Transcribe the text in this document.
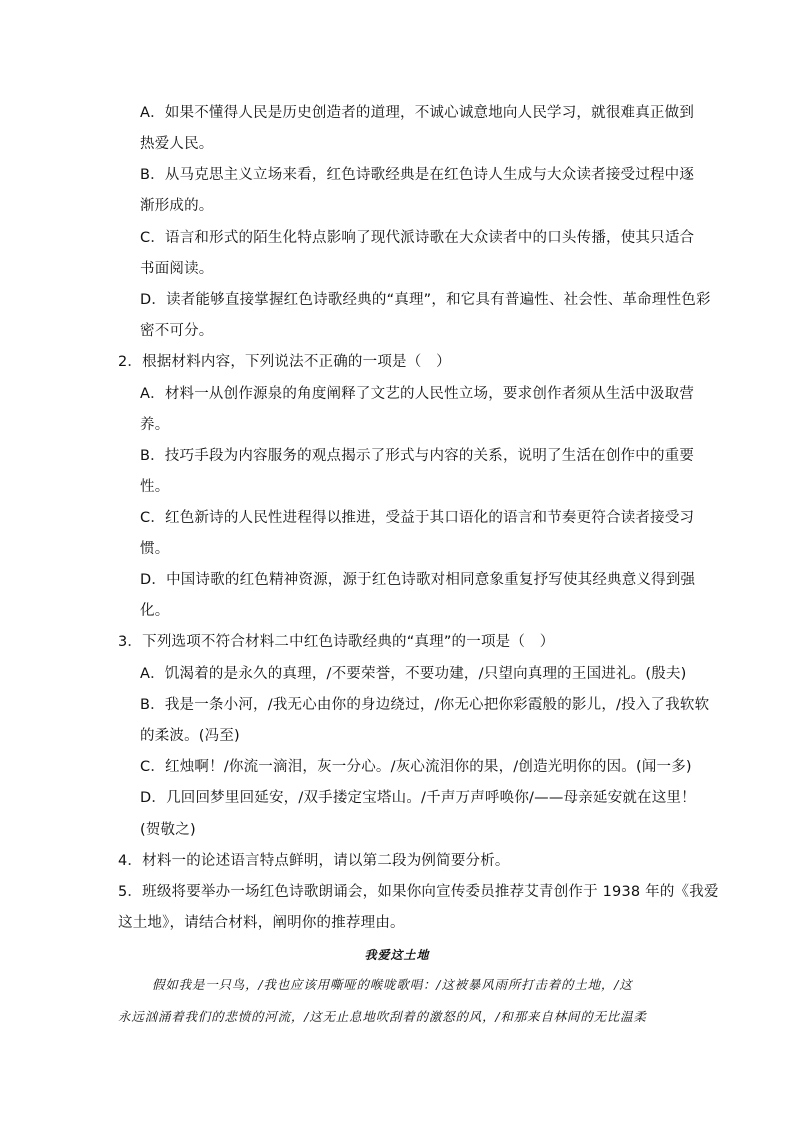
A．如果不懂得人民是历史创造者的道理，不诚心诚意地向人民学习，就很难真正做到
热爱人民。
B．从马克思主义立场来看，红色诗歌经典是在红色诗人生成与大众读者接受过程中逐
渐形成的。
C．语言和形式的陌生化特点影响了现代派诗歌在大众读者中的口头传播，使其只适合
书面阅读。
D．读者能够直接掌握红色诗歌经典的“真理”，和它具有普遍性、社会性、革命理性色彩
密不可分。
2．根据材料内容，下列说法不正确的一项是（　）
A．材料一从创作源泉的角度阐释了文艺的人民性立场，要求创作者须从生活中汲取营
养。
B．技巧手段为内容服务的观点揭示了形式与内容的关系，说明了生活在创作中的重要
性。
C．红色新诗的人民性进程得以推进，受益于其口语化的语言和节奏更符合读者接受习
惯。
D．中国诗歌的红色精神资源，源于红色诗歌对相同意象重复抒写使其经典意义得到强
化。
3．下列选项不符合材料二中红色诗歌经典的“真理”的一项是（　）
A．饥渴着的是永久的真理，/不要荣誉，不要功建，/只望向真理的王国进礼。(殷夫)
B．我是一条小河，/我无心由你的身边绕过，/你无心把你彩霞般的影儿，/投入了我软软
的柔波。(冯至)
C．红烛啊！/你流一滴泪，灰一分心。/灰心流泪你的果，/创造光明你的因。(闻一多)
D．几回回梦里回延安，/双手搂定宝塔山。/千声万声呼唤你/——母亲延安就在这里！
(贺敬之)
4．材料一的论述语言特点鲜明，请以第二段为例简要分析。
5．班级将要举办一场红色诗歌朗诵会，如果你向宣传委员推荐艾青创作于 1938 年的《我爱
这土地》，请结合材料，阐明你的推荐理由。
我爱这土地
假如我是一只鸟，/我也应该用嘶哑的喉咙歌唱：/这被暴风雨所打击着的土地，/这
永远汹涌着我们的悲愤的河流，/这无止息地吹刮着的激怒的风，/和那来自林间的无比温柔
